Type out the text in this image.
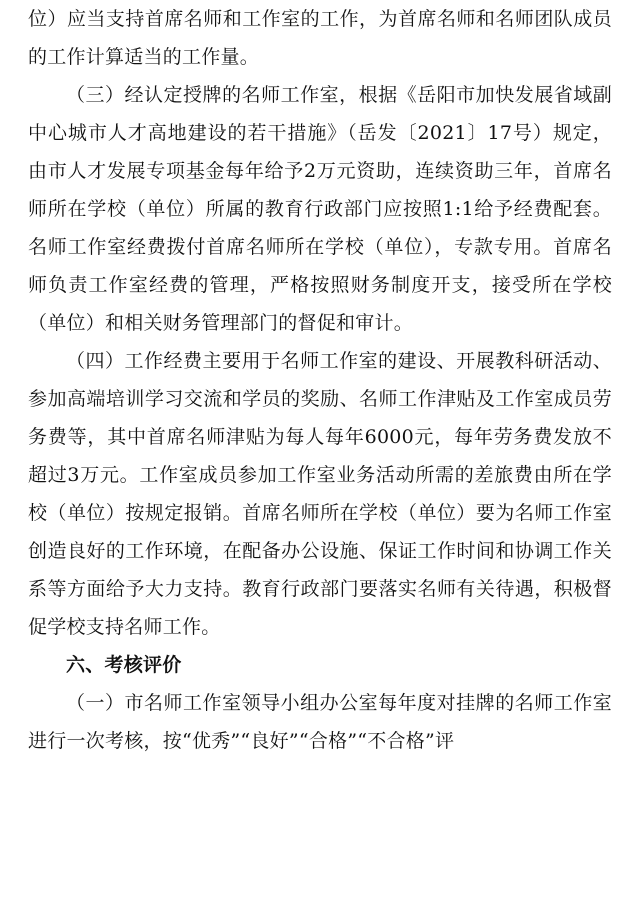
位）应当支持首席名师和工作室的工作，为首席名师和名师团队成员的工作计算适当的工作量。

（三）经认定授牌的名师工作室，根据《岳阳市加快发展省域副中心城市人才高地建设的若干措施》（岳发〔2021〕17号）规定，由市人才发展专项基金每年给予2万元资助，连续资助三年，首席名师所在学校（单位）所属的教育行政部门应按照1:1给予经费配套。名师工作室经费拨付首席名师所在学校（单位），专款专用。首席名师负责工作室经费的管理，严格按照财务制度开支，接受所在学校（单位）和相关财务管理部门的督促和审计。

（四）工作经费主要用于名师工作室的建设、开展教科研活动、参加高端培训学习交流和学员的奖励、名师工作津贴及工作室成员劳务费等，其中首席名师津贴为每人每年6000元，每年劳务费发放不超过3万元。工作室成员参加工作室业务活动所需的差旅费由所在学校（单位）按规定报销。首席名师所在学校（单位）要为名师工作室创造良好的工作环境，在配备办公设施、保证工作时间和协调工作关系等方面给予大力支持。教育行政部门要落实名师有关待遇，积极督促学校支持名师工作。

六、考核评价

（一）市名师工作室领导小组办公室每年度对挂牌的名师工作室进行一次考核，按“优秀”“良好”“合格”“不合格”评
